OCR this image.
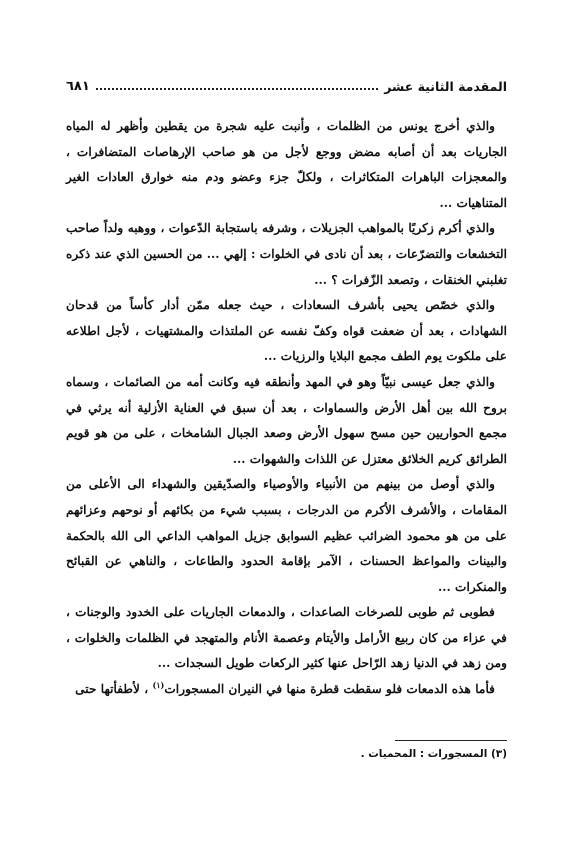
المقدمة الثانية عشر
٦٨١

والذي أخرج يونس من الظلمات ، وأنبت عليه شجرة من يقطين وأظهر له المياه الجاريات بعد أن أصابه مضض ووجع لأجل من هو صاحب الإرهاصات المتضافرات ، والمعجزات الباهرات المتكاثرات ، ولكلّ جزء وعضو ودم منه خوارق العادات الغير المتناهيات ...

والذي أكرم زكريًا بالمواهب الجزيلات ، وشرفه باستجابة الدّعوات ، ووهبه ولداً صاحب التخشعات والتضرّعات ، بعد أن نادى في الخلوات : إلهي ... من الحسين الذي عند ذكره تغلبني الخنقات ، وتصعد الزّفرات ؟ ...

والذي خصّص يحيى بأشرف السعادات ، حيث جعله ممّن أدار كأساً من قدحان الشهادات ، بعد أن ضعفت قواه وكفّ نفسه عن الملتذات والمشتهيات ، لأجل اطلاعه على ملكوت يوم الطف مجمع البلايا والرزيات ...

والذي جعل عيسى نبيّاً وهو في المهد وأنطقه فيه وكانت أمه من الصائمات ، وسماه بروح الله بين أهل الأرض والسماوات ، بعد أن سبق في العناية الأزلية أنه يرثي في مجمع الحواريين حين مسح سهول الأرض وصعد الجبال الشامخات ، على من هو قويم الطرائق كريم الخلائق معتزل عن اللذات والشهوات ...

والذي أوصل من بينهم من الأنبياء والأوصياء والصدّيقين والشهداء الى الأعلى من المقامات ، والأشرف الأكرم من الدرجات ، بسبب شيء من بكائهم أو نوحهم وعزائهم على من هو محمود الضرائب عظيم السوابق جزيل المواهب الداعي الى الله بالحكمة والبينات والمواعظ الحسنات ، الآمر بإقامة الحدود والطاعات ، والناهي عن القبائح والمنكرات ...

فطوبى ثم طوبى للصرخات الصاعدات ، والدمعات الجاريات على الخدود والوجنات ، في عزاء من كان ربيع الأرامل والأيتام وعصمة الأنام والمتهجد في الظلمات والخلوات ، ومن زهد في الدنيا زهد الرّاحل عنها كثير الركعات طويل السجدات ...

فأما هذه الدمعات فلو سقطت قطرة منها في النيران المسجورات$^{(١)}$ ، لأطفأتها حتى

(٣) المسجورات : المحميات .
